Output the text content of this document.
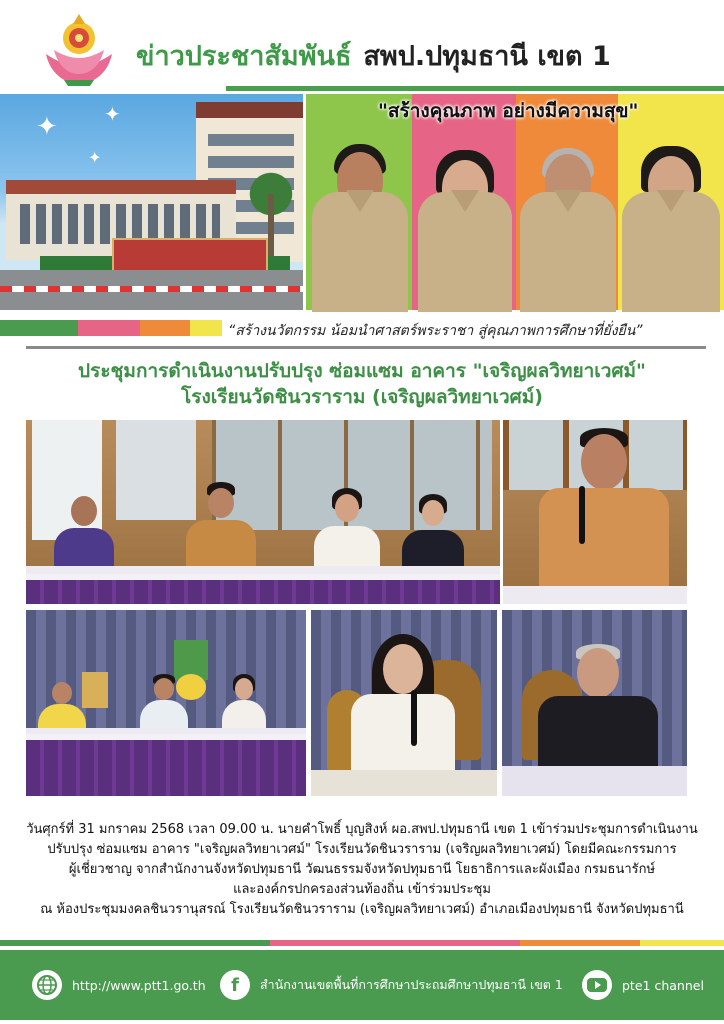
ข่าวประชาสัมพันธ์ สพป.ปทุมธานี เขต 1
✦ ✦
✦
"สร้างคุณภาพ อย่างมีความสุข"
“สร้างนวัตกรรม น้อมนำศาสตร์พระราชา สู่คุณภาพการศึกษาที่ยั่งยืน”
ประชุมการดำเนินงานปรับปรุง ซ่อมแซม อาคาร "เจริญผลวิทยาเวศม์"
โรงเรียนวัดชินวราราม (เจริญผลวิทยาเวศม์)
วันศุกร์ที่ 31 มกราคม 2568 เวลา 09.00 น. นายคำโพธิ์ บุญสิงห์ ผอ.สพป.ปทุมธานี เขต 1 เข้าร่วมประชุมการดำเนินงาน
ปรับปรุง ซ่อมแซม อาคาร "เจริญผลวิทยาเวศม์" โรงเรียนวัดชินวราราม (เจริญผลวิทยาเวศม์) โดยมีคณะกรรมการ
ผู้เชี่ยวชาญ จากสำนักงานจังหวัดปทุมธานี วัฒนธรรมจังหวัดปทุมธานี โยธาธิการและผังเมือง กรมธนารักษ์
และองค์กรปกครองส่วนท้องถิ่น เข้าร่วมประชุม
ณ ห้องประชุมมงคลชินวรานุสรณ์ โรงเรียนวัดชินวราราม (เจริญผลวิทยาเวศม์) อำเภอเมืองปทุมธานี จังหวัดปทุมธานี
http://www.ptt1.go.th	f	สำนักงานเขตพื้นที่การศึกษาประถมศึกษาปทุมธานี เขต 1	pte1 channel
